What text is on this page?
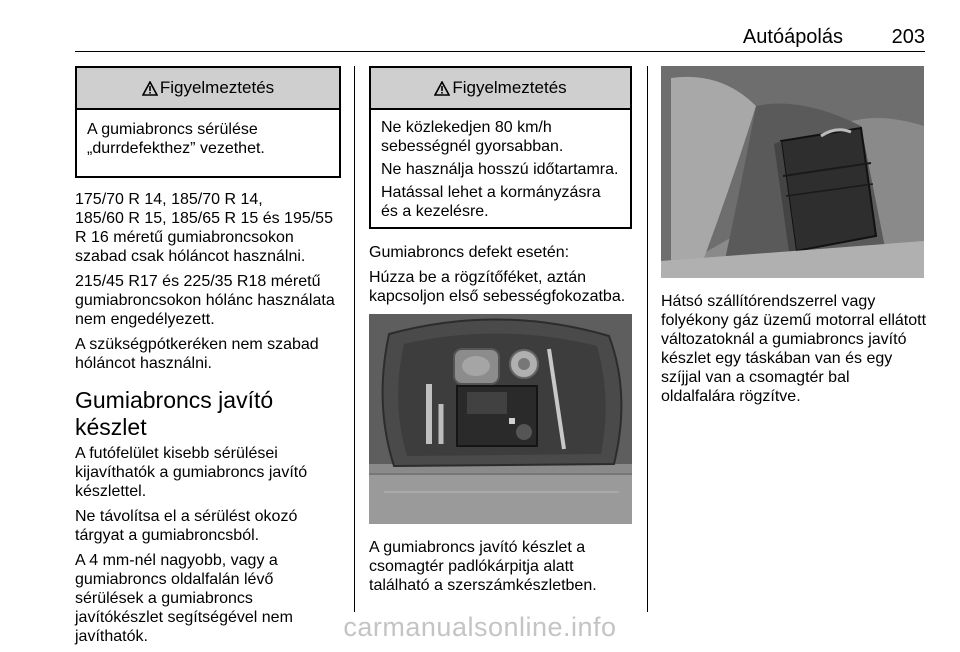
Autóápolás 203
Figyelmeztetés
A gumiabroncs sérülése
„durrdefekthez” vezethet.
175/70 R 14, 185/70 R 14,

185/60 R 15, 185/65 R 15 és 195/55 R 16 méretű gumiabroncsokon szabad csak hóláncot használni.

215/45 R17 és 225/35 R18 méretű gumiabroncsokon hólánc használata nem engedélyezett.

A szükségpótkeréken nem szabad hóláncot használni.

Gumiabroncs javító készlet

A futófelület kisebb sérülései kijavíthatók a gumiabroncs javító készlettel.

Ne távolítsa el a sérülést okozó tárgyat a gumiabroncsból.

A 4 mm-nél nagyobb, vagy a gumiabroncs oldalfalán lévő sérülések a gumiabroncs javítókészlet segítségével nem javíthatók.

Figyelmeztetés

Ne közlekedjen 80 km/h sebességnél gyorsabban.

Ne használja hosszú időtartamra.

Hatással lehet a kormányzásra és a kezelésre.

Gumiabroncs defekt esetén:

Húzza be a rögzítőféket, aztán kapcsoljon első sebességfokozatba.

A gumiabroncs javító készlet a csomagtér padlókárpitja alatt található a szerszámkészletben.

Hátsó szállítórendszerrel vagy folyékony gáz üzemű motorral ellátott változatoknál a gumiabroncs javító készlet egy táskában van és egy szíjjal van a csomagtér bal oldalfalára rögzítve.

carmanualsonline.info
